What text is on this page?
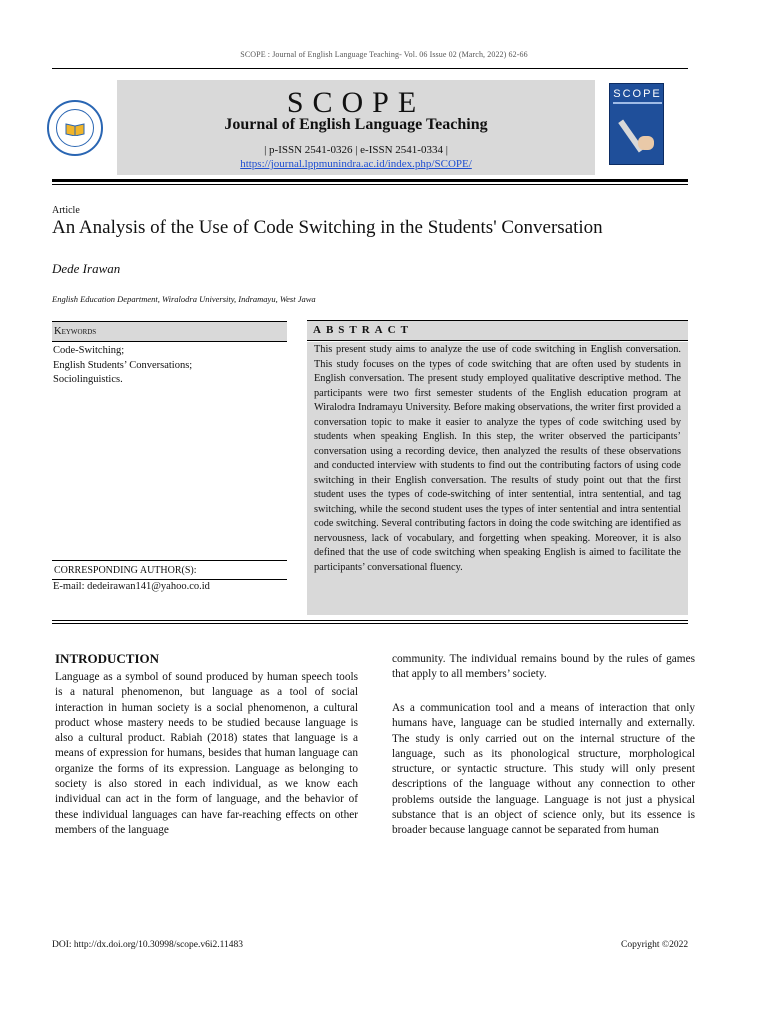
SCOPE : Journal of English Language Teaching- Vol. 06 Issue 02 (March, 2022) 62-66
SCOPE
Journal of English Language Teaching
| p-ISSN 2541-0326 | e-ISSN 2541-0334 |
https://journal.lppmunindra.ac.id/index.php/SCOPE/
SCOPE
Article
An Analysis of the Use of Code Switching in the Students' Conversation
Dede Irawan
English Education Department, Wiralodra University, Indramayu, West Jawa
Keywords
Code-Switching;
English Students’ Conversations;
Sociolinguistics.
CORRESPONDING AUTHOR(S):
E-mail: dedeirawan141@yahoo.co.id
ABSTRACT
This present study aims to analyze the use of code switching in English conversation. This study focuses on the types of code switching that are often used by students in English conversation. The present study employed qualitative descriptive method. The participants were two first semester students of the English education program at Wiralodra Indramayu University. Before making observations, the writer first provided a conversation topic to make it easier to analyze the types of code switching used by students when speaking English. In this step, the writer observed the participants’ conversation using a recording device, then analyzed the results of these observations and conducted interview with students to find out the contributing factors of using code switching in their English conversation. The results of study point out that the first student uses the types of code-switching of inter sentential, intra sentential, and tag switching, while the second student uses the types of inter sentential and intra sentential code switching. Several contributing factors in doing the code switching are identified as nervousness, lack of vocabulary, and forgetting when speaking. Moreover, it is also defined that the use of code switching when speaking English is aimed to facilitate the participants’ conversational fluency.
INTRODUCTION
Language as a symbol of sound produced by human speech tools is a natural phenomenon, but language as a tool of social interaction in human society is a social phenomenon, a cultural product whose mastery needs to be studied because language is also a cultural product. Rabiah (2018) states that language is a means of expression for humans, besides that human language can organize the forms of its expression. Language as belonging to society is also stored in each individual, as we know each individual can act in the form of language, and the behavior of these individual languages can have far-reaching effects on other members of the language
community. The individual remains bound by the rules of games that apply to all members’ society.
As a communication tool and a means of interaction that only humans have, language can be studied internally and externally. The study is only carried out on the internal structure of the language, such as its phonological structure, morphological structure, or syntactic structure. This study will only present descriptions of the language without any connection to other problems outside the language. Language is not just a physical substance that is an object of science only, but its essence is broader because language cannot be separated from human
DOI: http://dx.doi.org/10.30998/scope.v6i2.11483	Copyright ©2022
